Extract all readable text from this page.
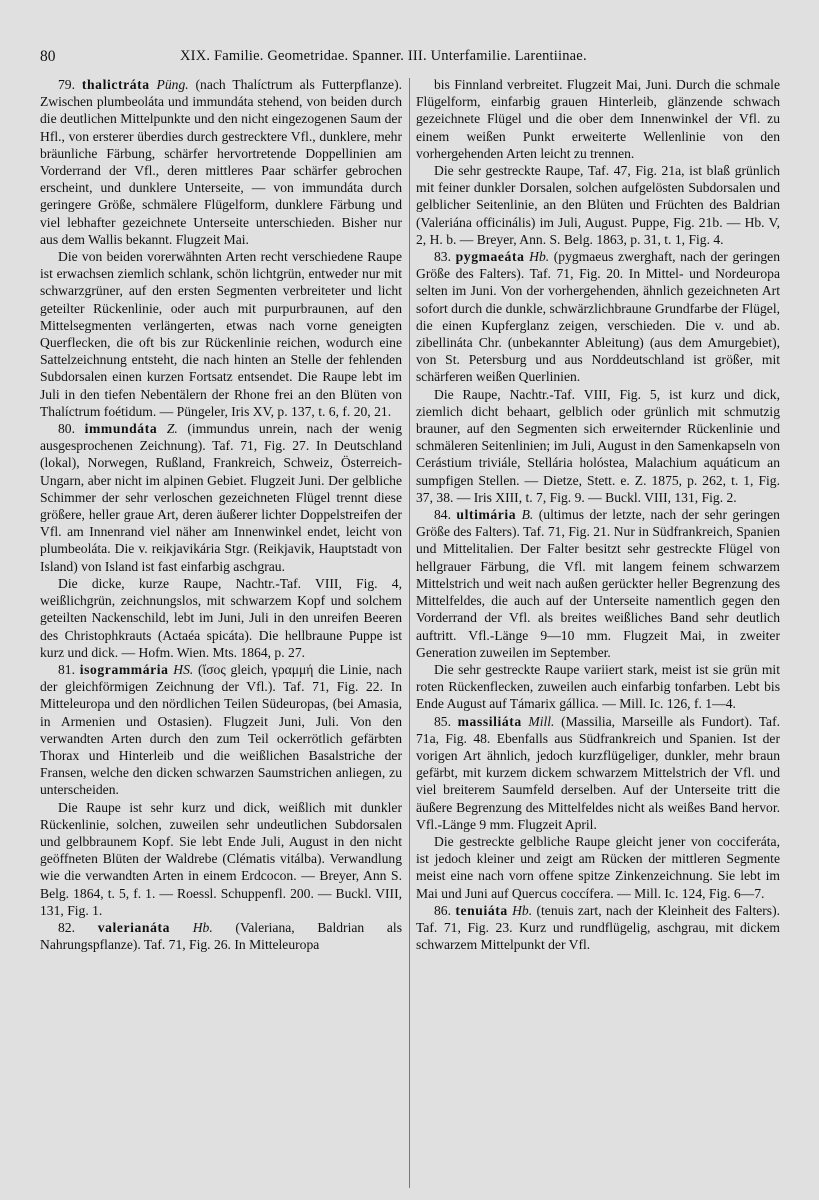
80	XIX. Familie. Geometridae. Spanner. III. Unterfamilie. Larentiinae.

79. thalictráta Püng. (nach Thalíctrum als Futterpflanze). Zwischen plumbeoláta und immundáta stehend, von beiden durch die deutlichen Mittelpunkte und den nicht eingezogenen Saum der Hfl., von ersterer überdies durch gestrecktere Vfl., dunklere, mehr bräunliche Färbung, schärfer hervortretende Doppellinien am Vorderrand der Vfl., deren mittleres Paar schärfer gebrochen erscheint, und dunklere Unterseite, — von immundáta durch geringere Größe, schmälere Flügelform, dunklere Färbung und viel lebhafter gezeichnete Unterseite unterschieden. Bisher nur aus dem Wallis bekannt. Flugzeit Mai.

Die von beiden vorerwähnten Arten recht verschiedene Raupe ist erwachsen ziemlich schlank, schön lichtgrün, entweder nur mit schwarzgrüner, auf den ersten Segmenten verbreiteter und licht geteilter Rückenlinie, oder auch mit purpurbraunen, auf den Mittelsegmenten verlängerten, etwas nach vorne geneigten Querflecken, die oft bis zur Rückenlinie reichen, wodurch eine Sattelzeichnung entsteht, die nach hinten an Stelle der fehlenden Subdorsalen einen kurzen Fortsatz entsendet. Die Raupe lebt im Juli in den tiefen Nebentälern der Rhone frei an den Blüten von Thalíctrum foétidum. — Püngeler, Iris XV, p. 137, t. 6, f. 20, 21.

80. immundáta Z. (immundus unrein, nach der wenig ausgesprochenen Zeichnung). Taf. 71, Fig. 27. In Deutschland (lokal), Norwegen, Rußland, Frankreich, Schweiz, Österreich-Ungarn, aber nicht im alpinen Gebiet. Flugzeit Juni. Der gelbliche Schimmer der sehr verloschen gezeichneten Flügel trennt diese größere, heller graue Art, deren äußerer lichter Doppelstreifen der Vfl. am Innenrand viel näher am Innenwinkel endet, leicht von plumbeoláta. Die v. reikjavikária Stgr. (Reikjavik, Hauptstadt von Island) von Island ist fast einfarbig aschgrau.

Die dicke, kurze Raupe, Nachtr.-Taf. VIII, Fig. 4, weißlichgrün, zeichnungslos, mit schwarzem Kopf und solchem geteilten Nackenschild, lebt im Juni, Juli in den unreifen Beeren des Christophkrauts (Actaéa spicáta). Die hellbraune Puppe ist kurz und dick. — Hofm. Wien. Mts. 1864, p. 27.

81. isogrammária HS. (ἴσος gleich, γραμμή die Linie, nach der gleichförmigen Zeichnung der Vfl.). Taf. 71, Fig. 22. In Mitteleuropa und den nördlichen Teilen Südeuropas, (bei Amasia, in Armenien und Ostasien). Flugzeit Juni, Juli. Von den verwandten Arten durch den zum Teil ockerrötlich gefärbten Thorax und Hinterleib und die weißlichen Basalstriche der Fransen, welche den dicken schwarzen Saumstrichen anliegen, zu unterscheiden.

Die Raupe ist sehr kurz und dick, weißlich mit dunkler Rückenlinie, solchen, zuweilen sehr undeutlichen Subdorsalen und gelbbraunem Kopf. Sie lebt Ende Juli, August in den nicht geöffneten Blüten der Waldrebe (Clématis vitálba). Verwandlung wie die verwandten Arten in einem Erdcocon. — Breyer, Ann S. Belg. 1864, t. 5, f. 1. — Roessl. Schuppenfl. 200. — Buckl. VIII, 131, Fig. 1.

82. valerianáta Hb. (Valeriana, Baldrian als Nahrungspflanze). Taf. 71, Fig. 26. In Mitteleuropa

bis Finnland verbreitet. Flugzeit Mai, Juni. Durch die schmale Flügelform, einfarbig grauen Hinterleib, glänzende schwach gezeichnete Flügel und die ober dem Innenwinkel der Vfl. zu einem weißen Punkt erweiterte Wellenlinie von den vorhergehenden Arten leicht zu trennen.

Die sehr gestreckte Raupe, Taf. 47, Fig. 21a, ist blaß grünlich mit feiner dunkler Dorsalen, solchen aufgelösten Subdorsalen und gelblicher Seitenlinie, an den Blüten und Früchten des Baldrian (Valeriána officinális) im Juli, August. Puppe, Fig. 21b. — Hb. V, 2, H. b. — Breyer, Ann. S. Belg. 1863, p. 31, t. 1, Fig. 4.

83. pygmaeáta Hb. (pygmaeus zwerghaft, nach der geringen Größe des Falters). Taf. 71, Fig. 20. In Mittel- und Nordeuropa selten im Juni. Von der vorhergehenden, ähnlich gezeichneten Art sofort durch die dunkle, schwärzlichbraune Grundfarbe der Flügel, die einen Kupferglanz zeigen, verschieden. Die v. und ab. zibellináta Chr. (unbekannter Ableitung) (aus dem Amurgebiet), von St. Petersburg und aus Norddeutschland ist größer, mit schärferen weißen Querlinien.

Die Raupe, Nachtr.-Taf. VIII, Fig. 5, ist kurz und dick, ziemlich dicht behaart, gelblich oder grünlich mit schmutzig brauner, auf den Segmenten sich erweiternder Rückenlinie und schmäleren Seitenlinien; im Juli, August in den Samenkapseln von Cerástium triviále, Stellária holóstea, Malachium aquáticum an sumpfigen Stellen. — Dietze, Stett. e. Z. 1875, p. 262, t. 1, Fig. 37, 38. — Iris XIII, t. 7, Fig. 9. — Buckl. VIII, 131, Fig. 2.

84. ultimária B. (ultimus der letzte, nach der sehr geringen Größe des Falters). Taf. 71, Fig. 21. Nur in Südfrankreich, Spanien und Mittelitalien. Der Falter besitzt sehr gestreckte Flügel von hellgrauer Färbung, die Vfl. mit langem feinem schwarzem Mittelstrich und weit nach außen gerückter heller Begrenzung des Mittelfeldes, die auch auf der Unterseite namentlich gegen den Vorderrand der Vfl. als breites weißliches Band sehr deutlich auftritt. Vfl.-Länge 9—10 mm. Flugzeit Mai, in zweiter Generation zuweilen im September.

Die sehr gestreckte Raupe variiert stark, meist ist sie grün mit roten Rückenflecken, zuweilen auch einfarbig tonfarben. Lebt bis Ende August auf Támarix gállica. — Mill. Ic. 126, f. 1—4.

85. massiliáta Mill. (Massilia, Marseille als Fundort). Taf. 71a, Fig. 48. Ebenfalls aus Südfrankreich und Spanien. Ist der vorigen Art ähnlich, jedoch kurzflügeliger, dunkler, mehr braun gefärbt, mit kurzem dickem schwarzem Mittelstrich der Vfl. und viel breiterem Saumfeld derselben. Auf der Unterseite tritt die äußere Begrenzung des Mittelfeldes nicht als weißes Band hervor. Vfl.-Länge 9 mm. Flugzeit April.

Die gestreckte gelbliche Raupe gleicht jener von cocciferáta, ist jedoch kleiner und zeigt am Rücken der mittleren Segmente meist eine nach vorn offene spitze Zinkenzeichnung. Sie lebt im Mai und Juni auf Quercus coccífera. — Mill. Ic. 124, Fig. 6—7.

86. tenuiáta Hb. (tenuis zart, nach der Kleinheit des Falters). Taf. 71, Fig. 23. Kurz und rundflügelig, aschgrau, mit dickem schwarzem Mittelpunkt der Vfl.
